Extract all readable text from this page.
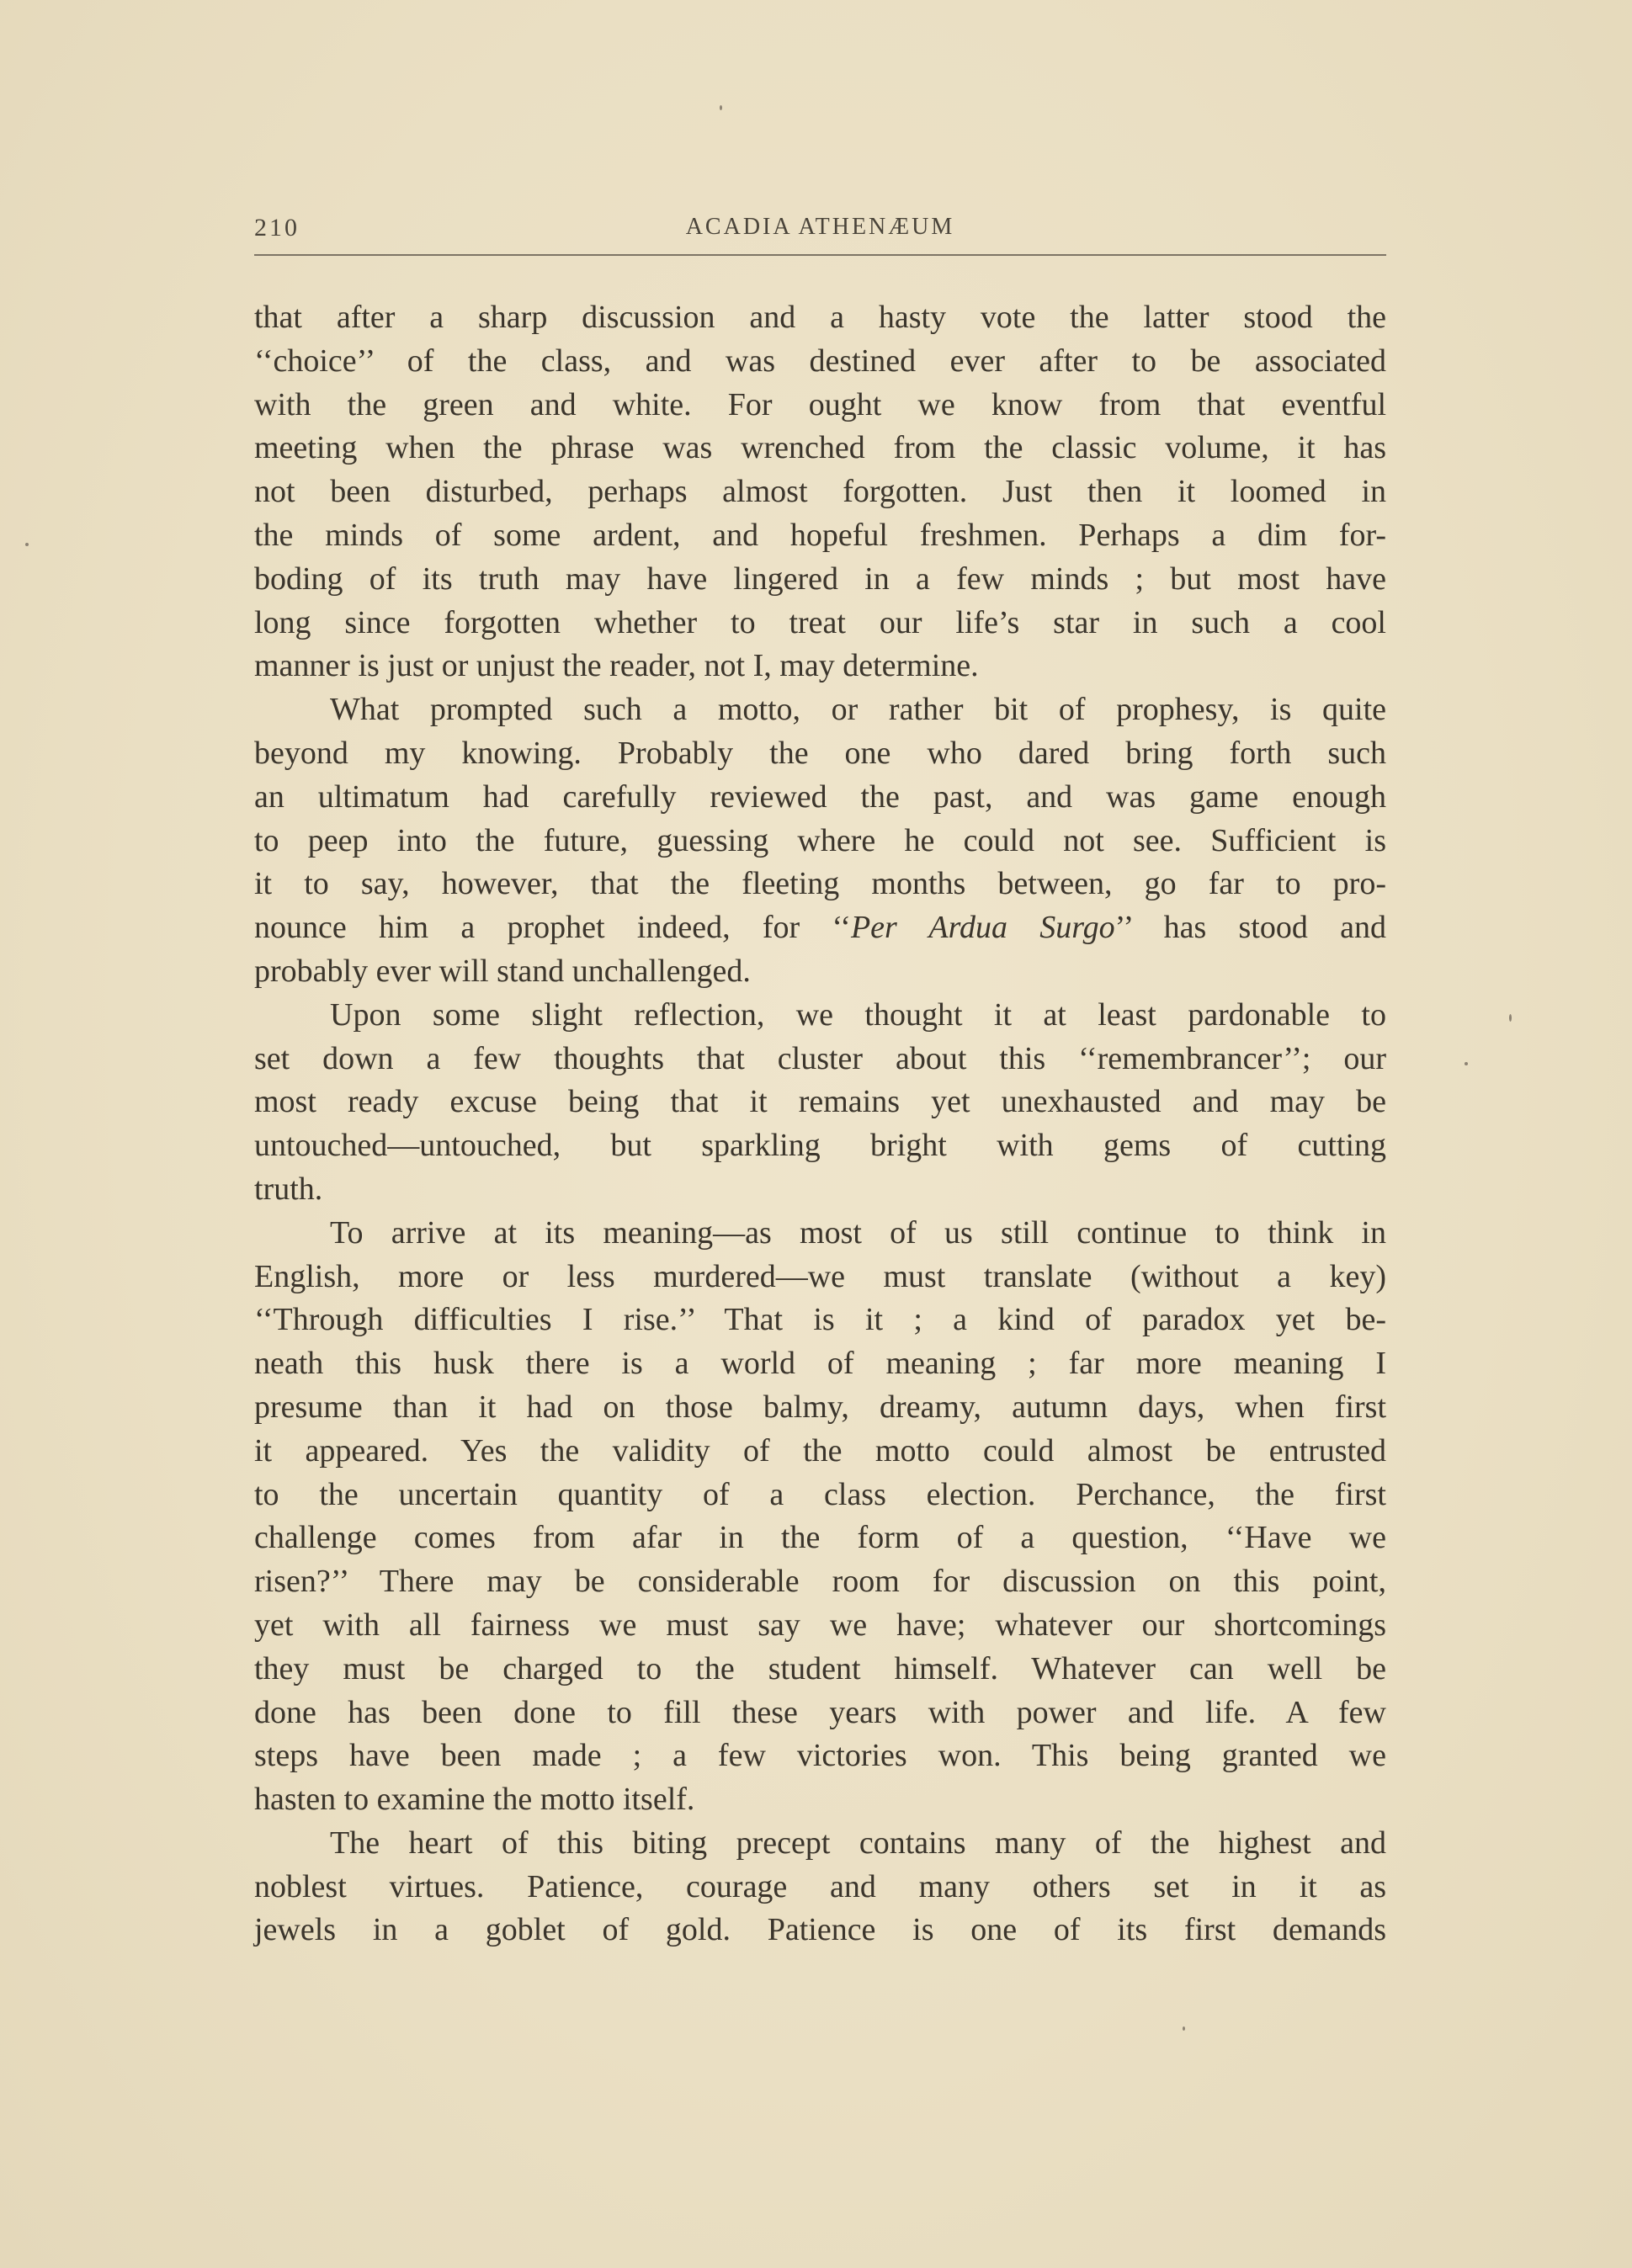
210	ACADIA ATHENÆUM
that after a sharp discussion and a hasty vote the latter stood the
‘‘choice’’ of the class, and was destined ever after to be associated
with the green and white. For ought we know from that eventful
meeting when the phrase was wrenched from the classic volume, it has
not been disturbed, perhaps almost forgotten. Just then it loomed in
the minds of some ardent, and hopeful freshmen. Perhaps a dim for-
boding of its truth may have lingered in a few minds ; but most have
long since forgotten whether to treat our life’s star in such a cool
manner is just or unjust the reader, not I, may determine.
What prompted such a motto, or rather bit of prophesy, is quite
beyond my knowing. Probably the one who dared bring forth such
an ultimatum had carefully reviewed the past, and was game enough
to peep into the future, guessing where he could not see. Sufficient is
it to say, however, that the fleeting months between, go far to pro-
nounce him a prophet indeed, for ‘‘Per Ardua Surgo’’ has stood and
probably ever will stand unchallenged.
Upon some slight reflection, we thought it at least pardonable to
set down a few thoughts that cluster about this ‘‘remembrancer’’; our
most ready excuse being that it remains yet unexhausted and may be
untouched—untouched, but sparkling bright with gems of cutting
truth.
To arrive at its meaning—as most of us still continue to think in
English, more or less murdered—we must translate (without a key)
‘‘Through difficulties I rise.’’ That is it ; a kind of paradox yet be-
neath this husk there is a world of meaning ; far more meaning I
presume than it had on those balmy, dreamy, autumn days, when first
it appeared. Yes the validity of the motto could almost be entrusted
to the uncertain quantity of a class election. Perchance, the first
challenge comes from afar in the form of a question, ‘‘Have we
risen?’’ There may be considerable room for discussion on this point,
yet with all fairness we must say we have; whatever our shortcomings
they must be charged to the student himself. Whatever can well be
done has been done to fill these years with power and life. A few
steps have been made ; a few victories won. This being granted we
hasten to examine the motto itself.
The heart of this biting precept contains many of the highest and
noblest virtues. Patience, courage and many others set in it as
jewels in a goblet of gold. Patience is one of its first demands
